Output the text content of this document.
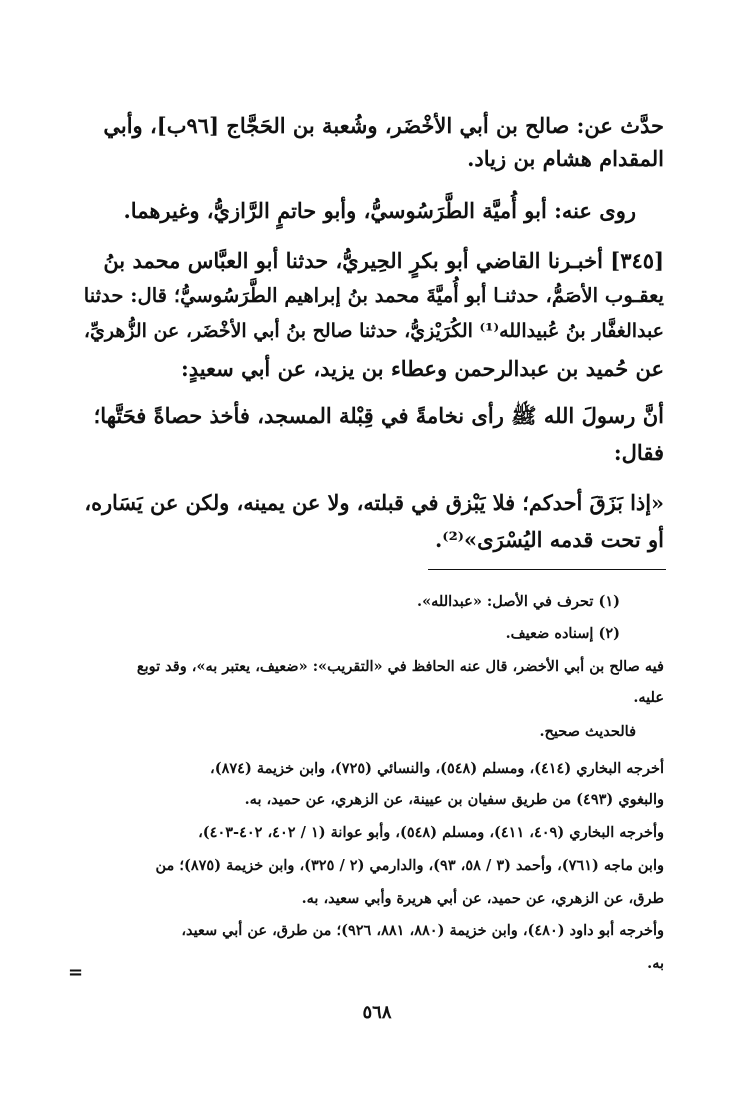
حدَّث عن: صالح بن أبي الأخْضَر، وشُعبة بن الحَجَّاج [٩٦ب]، وأبي
المقدام هشام بن زياد.
روى عنه: أبو أُميَّة الطَّرَسُوسيُّ، وأبو حاتمٍ الرَّازيُّ، وغيرهما.
[٣٤٥] أخبـرنا القاضي أبو بكرٍ الحِيريُّ، حدثنا أبو العبَّاس محمد بنُ
يعقـوب الأصَمُّ، حدثنـا أبو أُميَّةَ محمد بنُ إبراهيم الطَّرَسُوسيُّ؛ قال: حدثنا
عبدالغفَّار بنُ عُبيدالله⁽¹⁾ الكُرَيْزيُّ، حدثنا صالح بنُ أبي الأخْضَر، عن الزُّهريِّ،
عن حُميد بن عبدالرحمن وعطاء بن يزيد، عن أبي سعيدٍ:
أنَّ رسولَ الله ﷺ رأى نخامةً في قِبْلة المسجد، فأخذ حصاةً فحَتَّها؛
فقال:
«إذا بَزَقَ أحدكم؛ فلا يَبْزق في قبلته، ولا عن يمينه، ولكن عن يَسَاره،
أو تحت قدمه اليُسْرَى»⁽²⁾.
(١) تحرف في الأصل: «عبدالله».
(٢) إسناده ضعيف.
فيه صالح بن أبي الأخضر، قال عنه الحافظ في «التقريب»: «ضعيف، يعتبر به»، وقد توبع
عليه.
فالحديث صحيح.
أخرجه البخاري (٤١٤)، ومسلم (٥٤٨)، والنسائي (٧٢٥)، وابن خزيمة (٨٧٤)،
والبغوي (٤٩٣) من طريق سفيان بن عيينة، عن الزهري، عن حميد، به.
وأخرجه البخاري (٤٠٩، ٤١١)، ومسلم (٥٤٨)، وأبو عوانة (١ / ٤٠٢، ٤٠٢-٤٠٣)،
وابن ماجه (٧٦١)، وأحمد (٣ / ٥٨، ٩٣)، والدارمي (٢ / ٣٢٥)، وابن خزيمة (٨٧٥)؛ من
طرق، عن الزهري، عن حميد، عن أبي هريرة وأبي سعيد، به.
وأخرجه أبو داود (٤٨٠)، وابن خزيمة (٨٨٠، ٨٨١، ٩٢٦)؛ من طرق، عن أبي سعيد،
به.
=
٥٦٨
